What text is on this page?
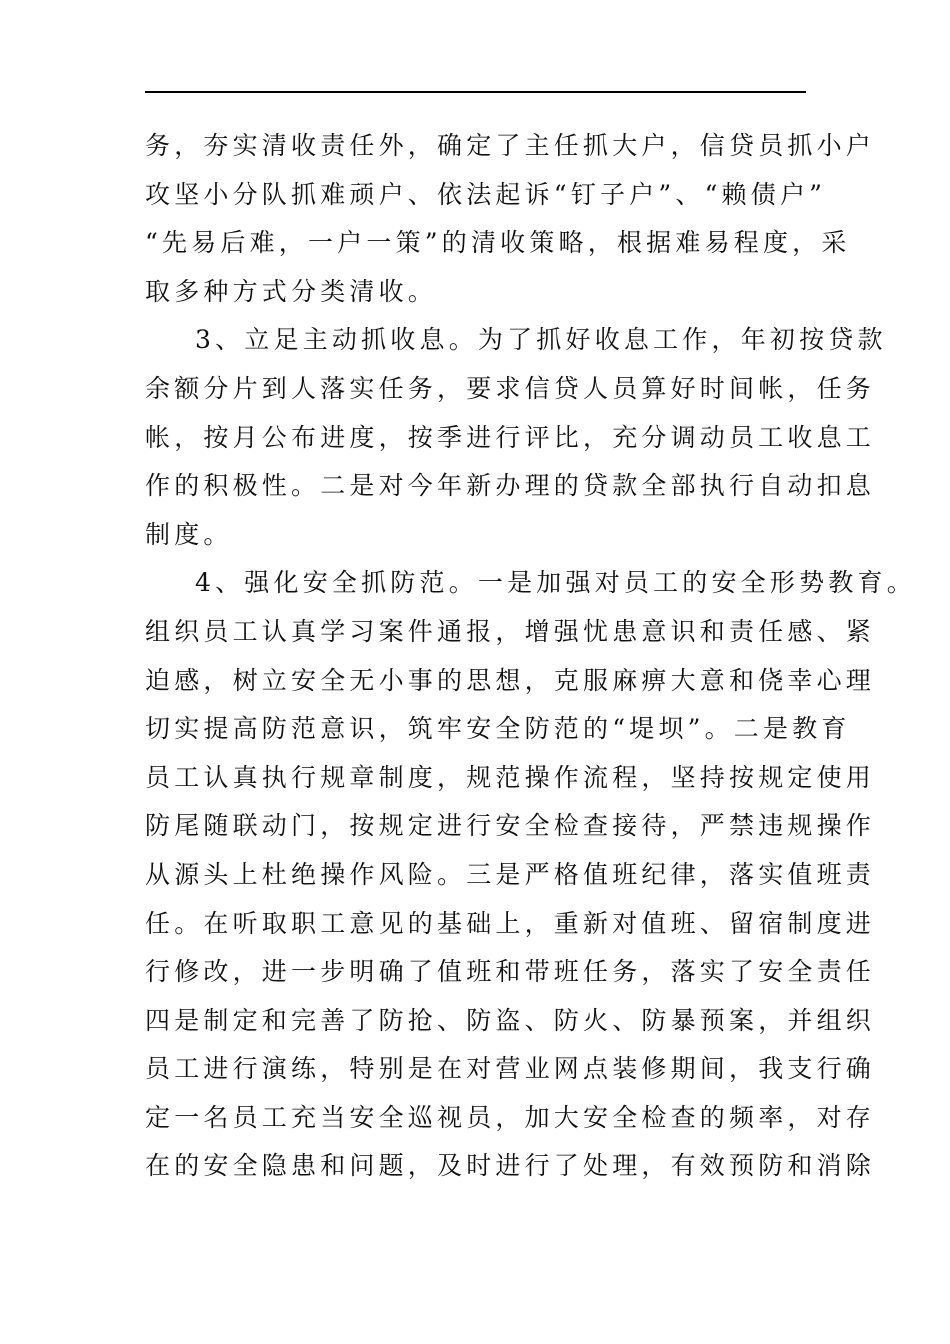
务，夯实清收责任外，确定了主任抓大户，信贷员抓小户
攻坚小分队抓难顽户、依法起诉“钉子户”、“赖债户”
“先易后难，一户一策”的清收策略，根据难易程度，采
取多种方式分类清收。
3、立足主动抓收息。为了抓好收息工作，年初按贷款
余额分片到人落实任务，要求信贷人员算好时间帐，任务
帐，按月公布进度，按季进行评比，充分调动员工收息工
作的积极性。二是对今年新办理的贷款全部执行自动扣息
制度。
4、强化安全抓防范。一是加强对员工的安全形势教育。
组织员工认真学习案件通报，增强忧患意识和责任感、紧
迫感，树立安全无小事的思想，克服麻痹大意和侥幸心理
切实提高防范意识，筑牢安全防范的“堤坝”。二是教育
员工认真执行规章制度，规范操作流程，坚持按规定使用
防尾随联动门，按规定进行安全检查接待，严禁违规操作
从源头上杜绝操作风险。三是严格值班纪律，落实值班责
任。在听取职工意见的基础上，重新对值班、留宿制度进
行修改，进一步明确了值班和带班任务，落实了安全责任
四是制定和完善了防抢、防盗、防火、防暴预案，并组织
员工进行演练，特别是在对营业网点装修期间，我支行确
定一名员工充当安全巡视员，加大安全检查的频率，对存
在的安全隐患和问题，及时进行了处理，有效预防和消除
